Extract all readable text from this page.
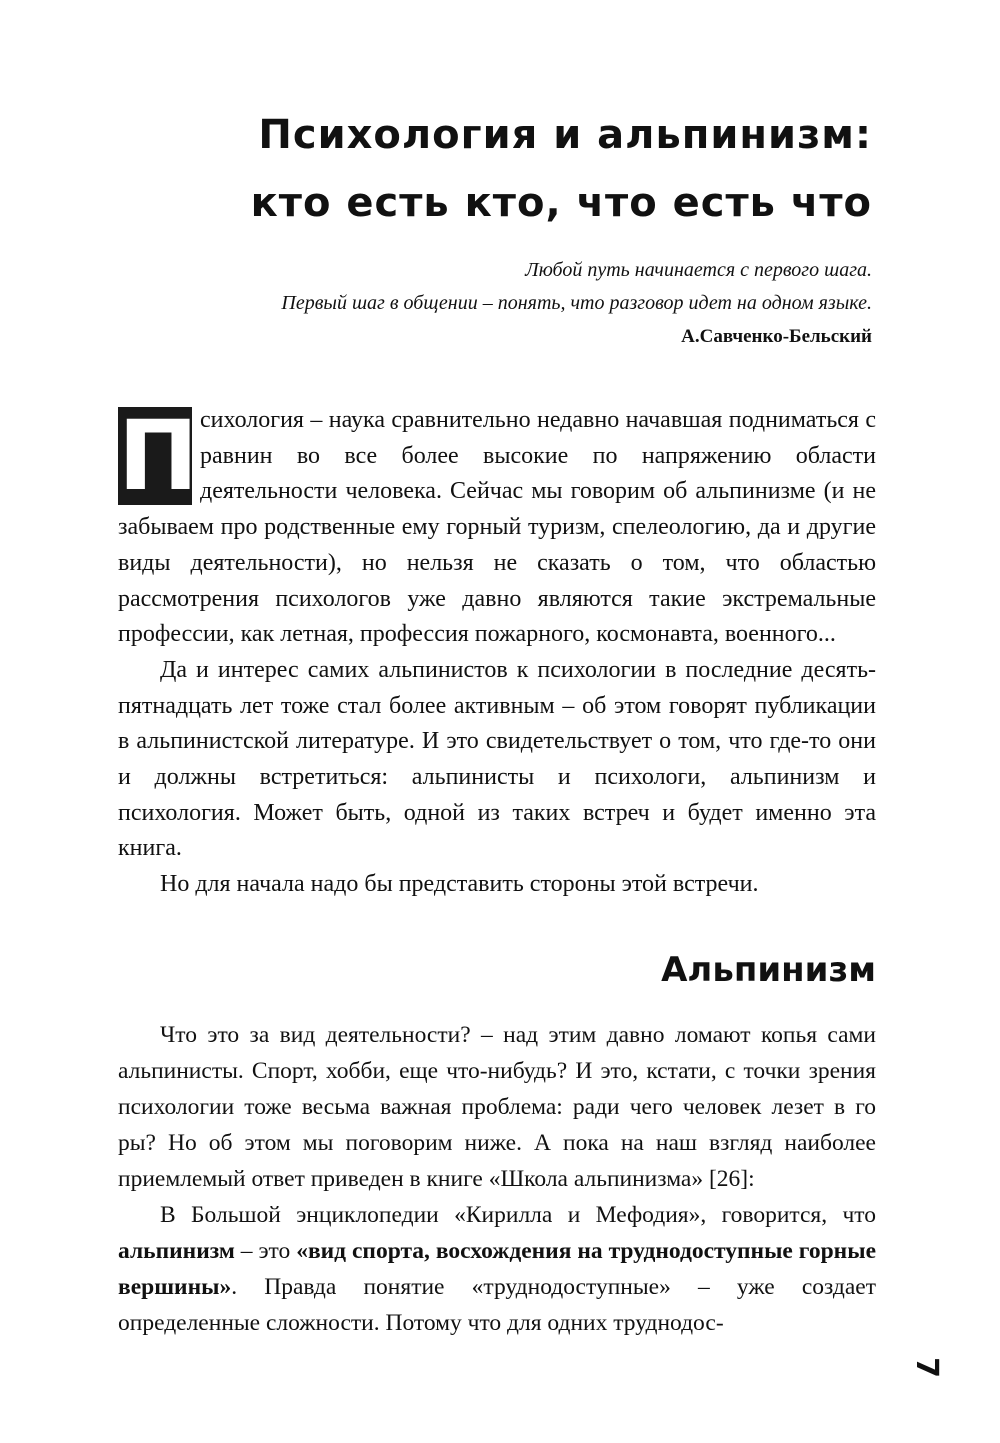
Психология и альпинизм:
кто есть кто, что есть что
Любой путь начинается с первого шага.
Первый шаг в общении – понять, что разговор идет на одном языке.
А.Савченко-Бельский

П сихология – наука сравнительно недавно начавшая подниматься с равнин во все более высокие по напряжению области деятельности человека. Сейчас мы говорим об альпинизме (и не забываем про родственные ему горный туризм, спелеологию, да и другие виды деятельности), но нельзя не сказать о том, что областью рассмотрения психологов уже давно являются такие экстремальные профессии, как летная, профессия пожарного, космонавта, военного...

Да и интерес самих альпинистов к психологии в последние десять-пятнадцать лет тоже стал более активным – об этом говорят публикации в альпинистской литературе. И это свидетельствует о том, что где-то они и должны встретиться: альпинисты и психологи, альпинизм и психология. Может быть, одной из таких встреч и будет именно эта книга.

Но для начала надо бы представить стороны этой встречи.

Альпинизм

Что это за вид деятельности? – над этим давно ломают копья сами альпинисты. Спорт, хобби, еще что-нибудь? И это, кстати, с точки зрения психологии тоже весьма важная проблема: ради чего человек лезет в го ры? Но об этом мы поговорим ниже. А пока на наш взгляд наиболее приемлемый ответ приведен в книге «Школа альпинизма» [26]:

В Большой энциклопедии «Кирилла и Мефодия», говорится, что альпинизм – это «вид спорта, восхождения на труднодоступные горные вершины». Правда понятие «труднодоступные» – уже создает определенные сложности. Потому что для одних труднодос-

7
